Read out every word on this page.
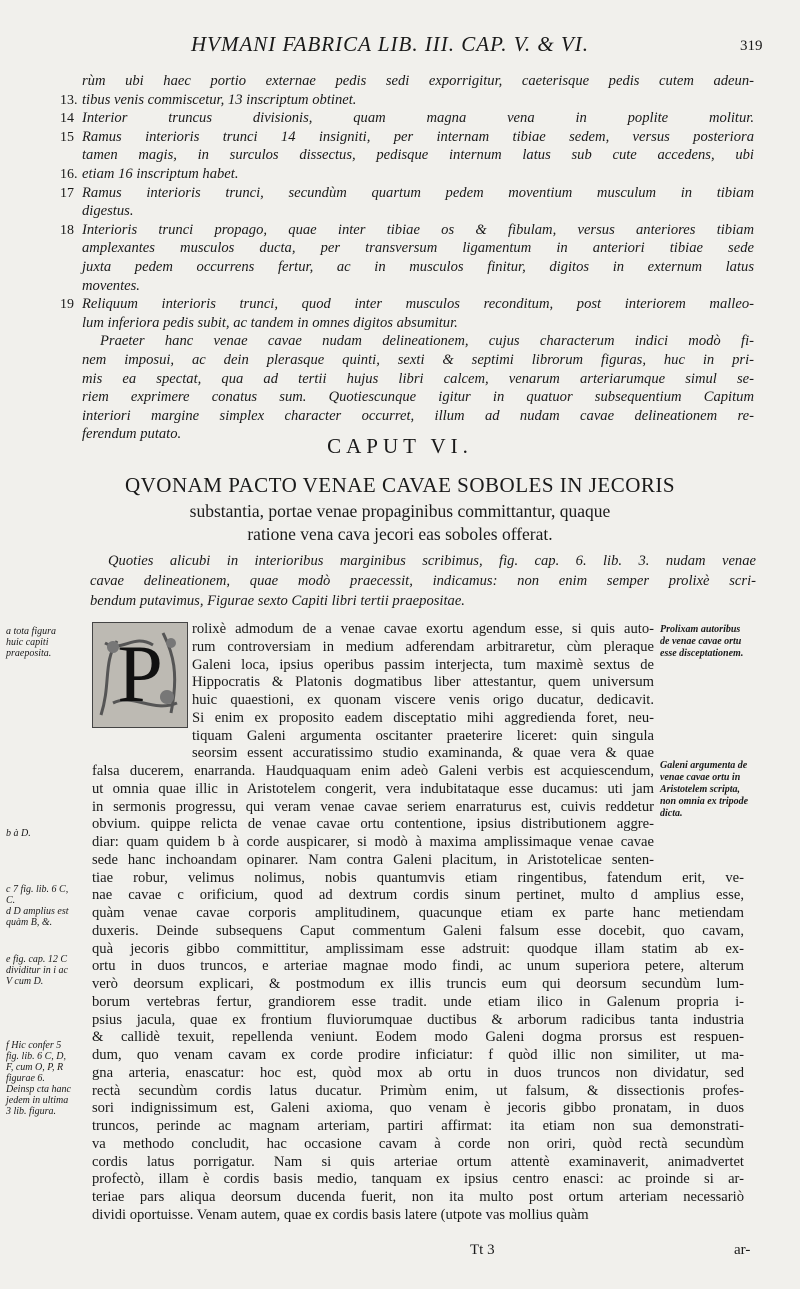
HVMANI FABRICA LIB. III. CAP. V. & VI.	319
rùm ubi haec portio externae pedis sedi exporrigitur, caeterisque pedis cutem adeun-
13. tibus venis commiscetur, 13 inscriptum obtinet.
14 Interior truncus divisionis, quam magna vena in poplite molitur.
15 Ramus interioris trunci 14 insigniti, per internam tibiae sedem, versus posteriora
tamen magis, in surculos dissectus, pedisque internum latus sub cute accedens, ubi
16. etiam 16 inscriptum habet.
17 Ramus interioris trunci, secundùm quartum pedem moventium musculum in tibiam
digestus.
18 Interioris trunci propago, quae inter tibiae os & fibulam, versus anteriores tibiam
amplexantes musculos ducta, per transversum ligamentum in anteriori tibiae sede
juxta pedem occurrens fertur, ac in musculos finitur, digitos in externum latus
moventes.
19 Reliquum interioris trunci, quod inter musculos reconditum, post interiorem malleo-
lum inferiora pedis subit, ac tandem in omnes digitos absumitur.
Praeter hanc venae cavae nudam delineationem, cujus characterum indici modò fi-
nem imposui, ac dein plerasque quinti, sexti & septimi librorum figuras, huc in pri-
mis ea spectat, qua ad tertii hujus libri calcem, venarum arteriarumque simul se-
riem exprimere conatus sum. Quotiescunque igitur in quatuor subsequentium Capitum
interiori margine simplex character occurret, illum ad nudam cavae delineationem re-
ferendum putato.	CAPUT VI.
QVONAM PACTO VENAE CAVAE SOBOLES IN JECORIS
substantia, portae venae propaginibus committantur, quaque
ratione vena cava jecori eas soboles offerat.
Quoties alicubi in interioribus marginibus scribimus, fig. cap. 6. lib. 3. nudam venae
cavae delineationem, quae modò praecessit, indicamus: non enim semper prolixè scri-
bendum putavimus, Figurae sexto Capiti libri tertii praepositae.
P rolixè admodum de a venae cavae exortu agendum esse, si quis auto-
rum controversiam in medium adferendam arbitraretur, cùm pleraque
Galeni loca, ipsius operibus passim interjecta, tum maximè sextus de
Hippocratis & Platonis dogmatibus liber attestantur, quem universum
huic quaestioni, ex quonam viscere venis origo ducatur, dedicavit.
Si enim ex proposito eadem disceptatio mihi aggredienda foret, neu-
tiquam Galeni argumenta oscitanter praeterire liceret: quin singula
seorsim essent accuratissimo studio examinanda, & quae vera & quae
falsa ducerem, enarranda. Haudquaquam enim adeò Galeni verbis est acquiescendum,
ut omnia quae illic in Aristotelem congerit, vera indubitataque esse ducamus: uti jam
in sermonis progressu, qui veram venae cavae seriem enarraturus est, cuivis reddetur
obvium. quippe relicta de venae cavae ortu contentione, ipsius distributionem aggre-
diar: quam quidem b à corde auspicarer, si modò à maxima amplissimaque venae cavae
sede hanc inchoandam opinarer. Nam contra Galeni placitum, in Aristotelicae senten-
tiae robur, velimus nolimus, nobis quantumvis etiam ringentibus, fatendum erit, ve-
nae cavae c orificium, quod ad dextrum cordis sinum pertinet, multo d amplius esse,
quàm venae cavae corporis amplitudinem, quacunque etiam ex parte hanc metiendam
duxeris. Deinde subsequens Caput commentum Galeni falsum esse docebit, quo cavam,
quà jecoris gibbo committitur, amplissimam esse adstruit: quodque illam statim ab ex-
ortu in duos truncos, e arteriae magnae modo findi, ac unum superiora petere, alterum
verò deorsum explicari, & postmodum ex illis truncis eum qui deorsum secundùm lum-
borum vertebras fertur, grandiorem esse tradit. unde etiam ilico in Galenum propria i-
psius jacula, quae ex frontium fluviorumquae ductibus & arborum radicibus tanta industria
& callidè texuit, repellenda veniunt. Eodem modo Galeni dogma prorsus est respuen-
dum, quo venam cavam ex corde prodire inficiatur: f quòd illic non similiter, ut ma-
gna arteria, enascatur: hoc est, quòd mox ab ortu in duos truncos non dividatur, sed
rectà secundùm cordis latus ducatur. Primùm enim, ut falsum, & dissectionis profes-
sori indignissimum est, Galeni axioma, quo venam è jecoris gibbo pronatam, in duos
truncos, perinde ac magnam arteriam, partiri affirmat: ita etiam non sua demonstrati-
va methodo concludit, hac occasione cavam à corde non oriri, quòd rectà secundùm
cordis latus porrigatur. Nam si quis arteriae ortum attentè examinaverit, animadvertet
profectò, illam è cordis basis medio, tanquam ex ipsius centro enasci: ac proinde si ar-
teriae pars aliqua deorsum ducenda fuerit, non ita multo post ortum arteriam necessariò
dividi oportuisse. Venam autem, quae ex cordis basis latere (utpote vas mollius quàm
a tota figura huic capiti praeposita.
b à D.
c 7 fig. lib. 6 C, C.
d D amplius est quàm B, &.
e fig. cap. 12 C dividitur in i ac V cum D.
f Hic confer 5 fig. lib. 6 C, D, F, cum O, P, R figurae 6. Deinsp cta hanc jedem in ultima 3 lib. figura.
Prolixam autoribus de venae cavae ortu esse disceptationem.
Galeni argumenta de venae cavae ortu in Aristotelem scripta, non omnia ex tripode dicta.
Tt 3	ar-
